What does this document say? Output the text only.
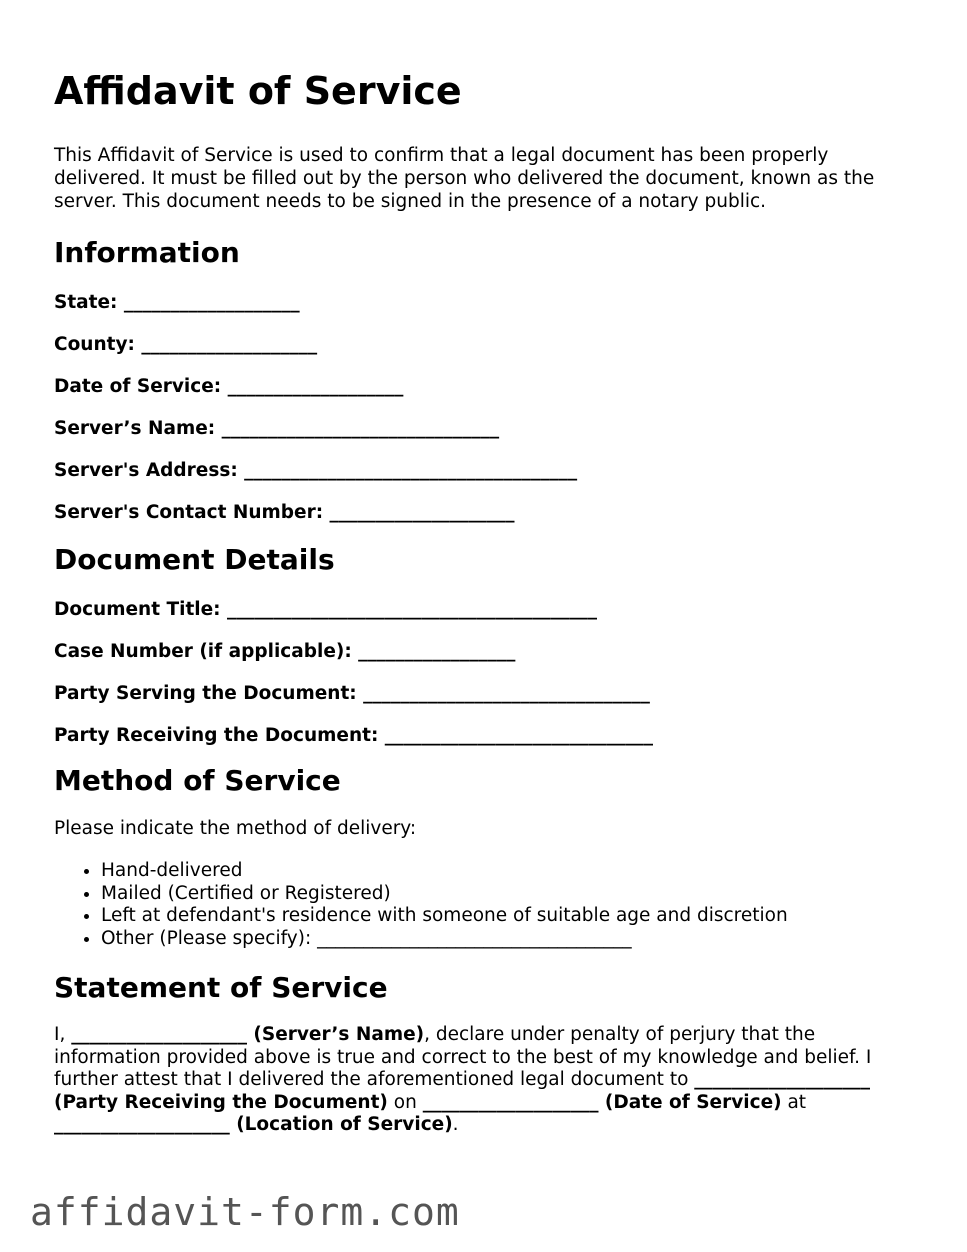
Affidavit of Service

This Affidavit of Service is used to confirm that a legal document has been properly delivered. It must be filled out by the person who delivered the document, known as the server. This document needs to be signed in the presence of a notary public.

Information

State: ___________________

County: ___________________

Date of Service: ___________________

Server’s Name: ______________________________

Server's Address: ____________________________________

Server's Contact Number: ____________________

Document Details

Document Title: ________________________________________

Case Number (if applicable): _________________

Party Serving the Document: _______________________________

Party Receiving the Document: _____________________________

Method of Service

Please indicate the method of delivery:

• Hand-delivered
• Mailed (Certified or Registered)
• Left at defendant's residence with someone of suitable age and discretion
• Other (Please specify): __________________________________
Statement of Service

I, ___________________ (Server’s Name), declare under penalty of perjury that the information provided above is true and correct to the best of my knowledge and belief. I further attest that I delivered the aforementioned legal document to ___________________ (Party Receiving the Document) on ___________________ (Date of Service) at ___________________ (Location of Service).

affidavit-form.com
